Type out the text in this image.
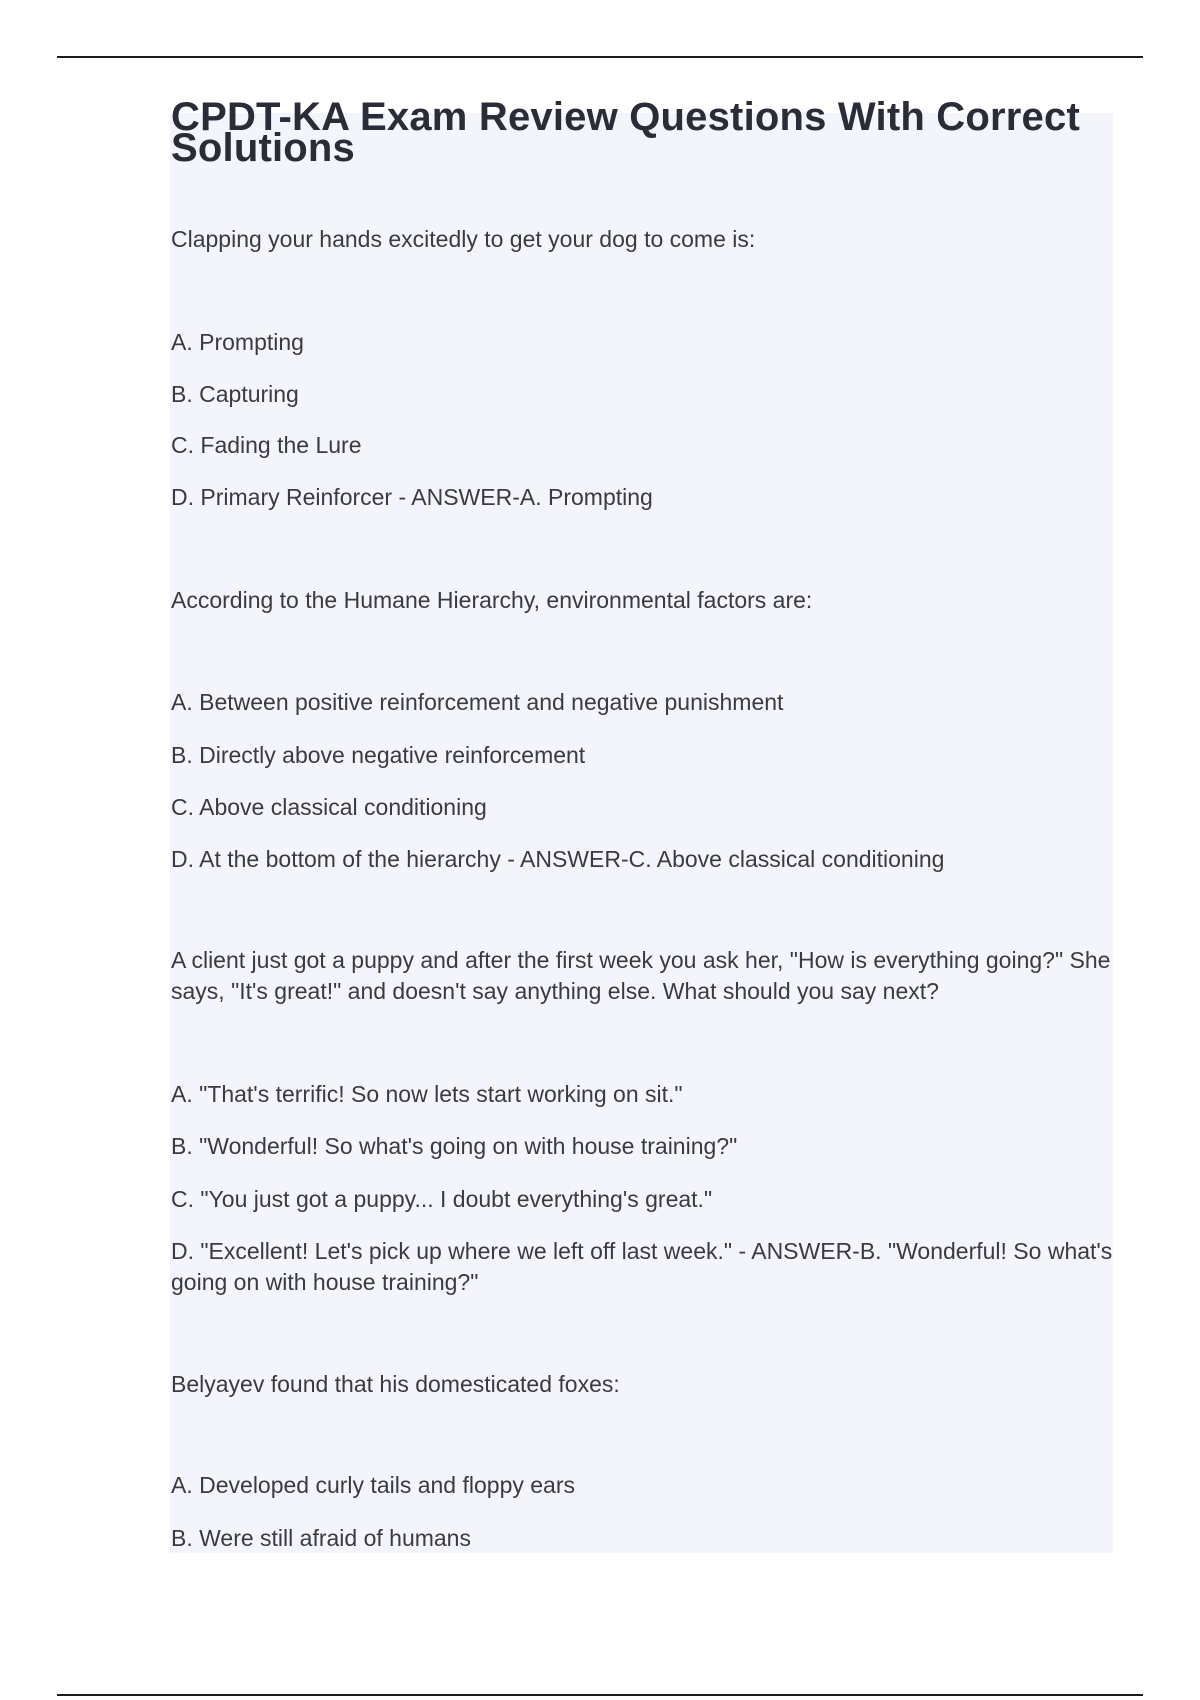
CPDT-KA Exam Review Questions With Correct Solutions

Clapping your hands excitedly to get your dog to come is:

A. Prompting

B. Capturing

C. Fading the Lure

D. Primary Reinforcer - ANSWER-A. Prompting

According to the Humane Hierarchy, environmental factors are:

A. Between positive reinforcement and negative punishment

B. Directly above negative reinforcement

C. Above classical conditioning

D. At the bottom of the hierarchy - ANSWER-C. Above classical conditioning

A client just got a puppy and after the first week you ask her, "How is everything going?" She says, "It's great!" and doesn't say anything else. What should you say next?

A. "That's terrific! So now lets start working on sit."

B. "Wonderful! So what's going on with house training?"

C. "You just got a puppy... I doubt everything's great."

D. "Excellent! Let's pick up where we left off last week." - ANSWER-B. "Wonderful! So what's going on with house training?"

Belyayev found that his domesticated foxes:

A. Developed curly tails and floppy ears

B. Were still afraid of humans
